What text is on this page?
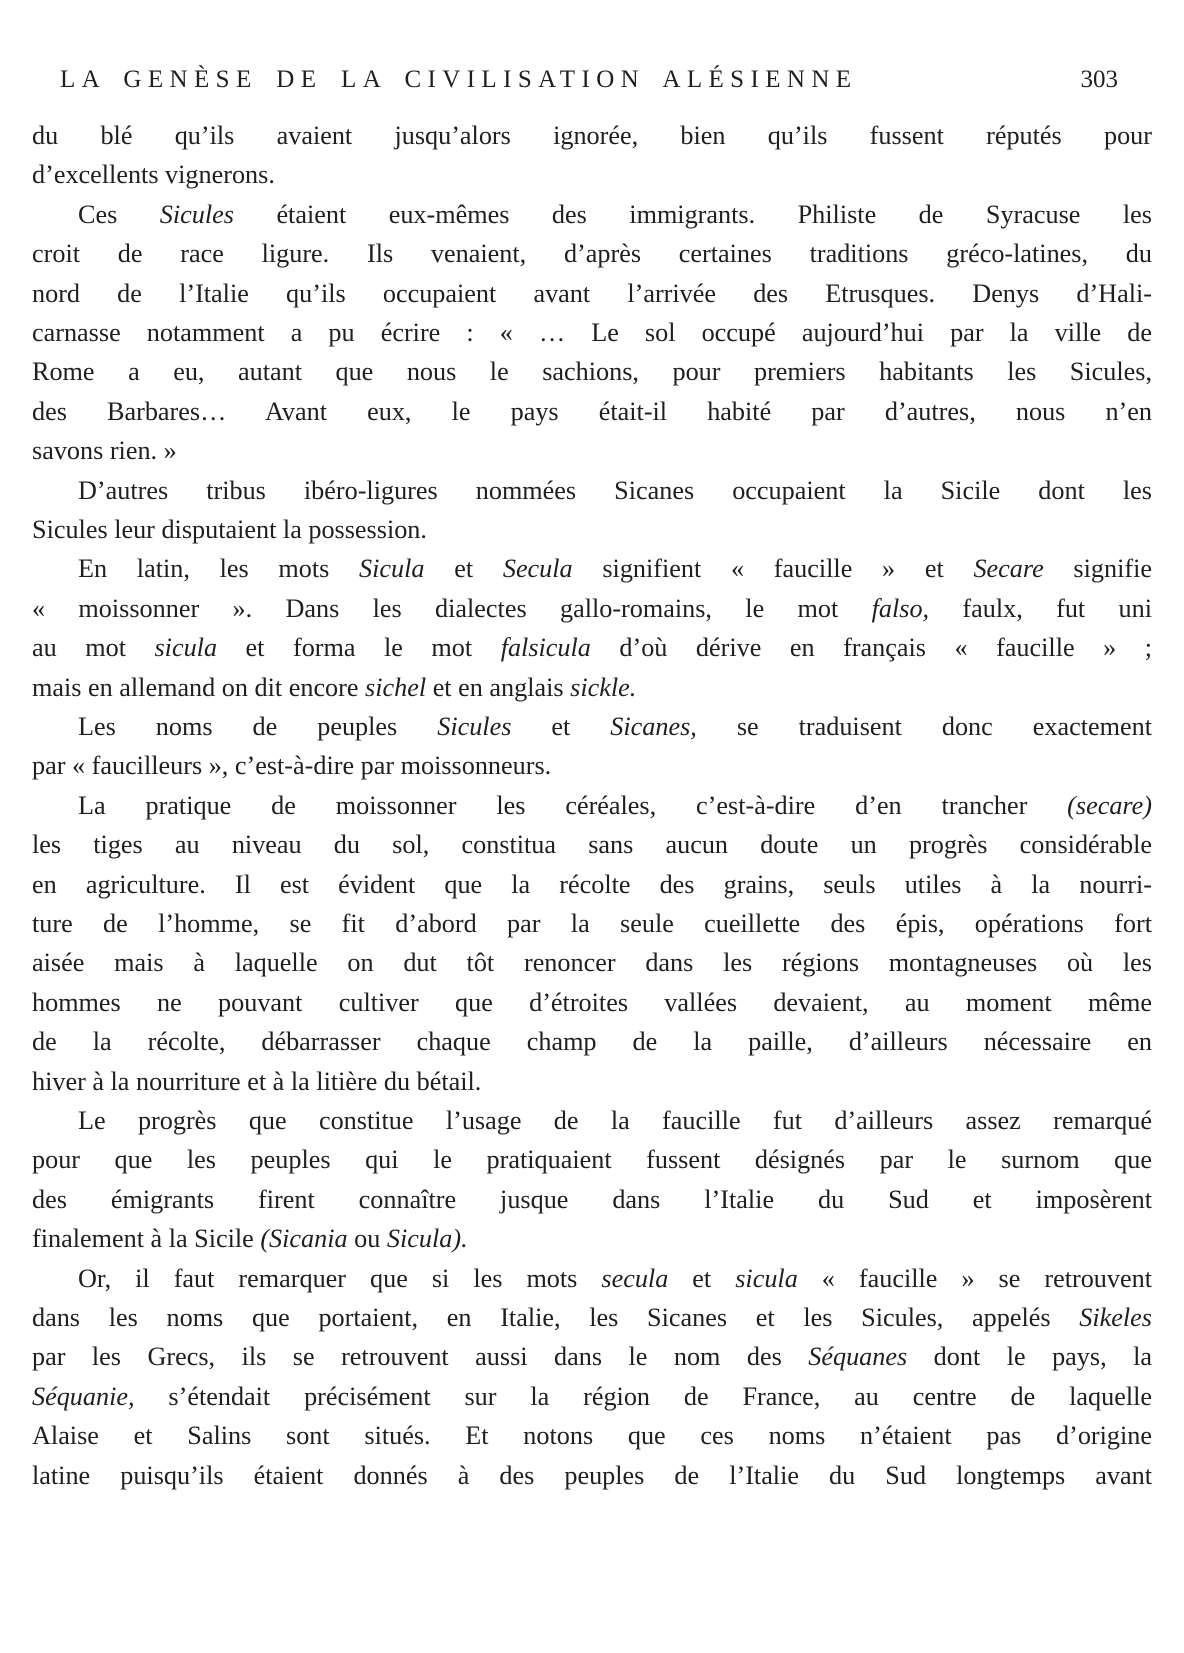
LA GENÈSE DE LA CIVILISATION ALÉSIENNE	303
du blé qu’ils avaient jusqu’alors ignorée, bien qu’ils fussent réputés pour
d’excellents vignerons.
Ces Sicules étaient eux-mêmes des immigrants. Philiste de Syracuse les
croit de race ligure. Ils venaient, d’après certaines traditions gréco-latines, du
nord de l’Italie qu’ils occupaient avant l’arrivée des Etrusques. Denys d’Hali-
carnasse notamment a pu écrire : « … Le sol occupé aujourd’hui par la ville de
Rome a eu, autant que nous le sachions, pour premiers habitants les Sicules,
des Barbares… Avant eux, le pays était-il habité par d’autres, nous n’en
savons rien. »
D’autres tribus ibéro-ligures nommées Sicanes occupaient la Sicile dont les
Sicules leur disputaient la possession.
En latin, les mots Sicula et Secula signifient « faucille » et Secare signifie
« moissonner ». Dans les dialectes gallo-romains, le mot falso, faulx, fut uni
au mot sicula et forma le mot falsicula d’où dérive en français « faucille » ;
mais en allemand on dit encore sichel et en anglais sickle.
Les noms de peuples Sicules et Sicanes, se traduisent donc exactement
par « faucilleurs », c’est-à-dire par moissonneurs.
La pratique de moissonner les céréales, c’est-à-dire d’en trancher (secare)
les tiges au niveau du sol, constitua sans aucun doute un progrès considérable
en agriculture. Il est évident que la récolte des grains, seuls utiles à la nourri-
ture de l’homme, se fit d’abord par la seule cueillette des épis, opérations fort
aisée mais à laquelle on dut tôt renoncer dans les régions montagneuses où les
hommes ne pouvant cultiver que d’étroites vallées devaient, au moment même
de la récolte, débarrasser chaque champ de la paille, d’ailleurs nécessaire en
hiver à la nourriture et à la litière du bétail.
Le progrès que constitue l’usage de la faucille fut d’ailleurs assez remarqué
pour que les peuples qui le pratiquaient fussent désignés par le surnom que
des émigrants firent connaître jusque dans l’Italie du Sud et imposèrent
finalement à la Sicile (Sicania ou Sicula).
Or, il faut remarquer que si les mots secula et sicula « faucille » se retrouvent
dans les noms que portaient, en Italie, les Sicanes et les Sicules, appelés Sikeles
par les Grecs, ils se retrouvent aussi dans le nom des Séquanes dont le pays, la
Séquanie, s’étendait précisément sur la région de France, au centre de laquelle
Alaise et Salins sont situés. Et notons que ces noms n’étaient pas d’origine
latine puisqu’ils étaient donnés à des peuples de l’Italie du Sud longtemps avant
